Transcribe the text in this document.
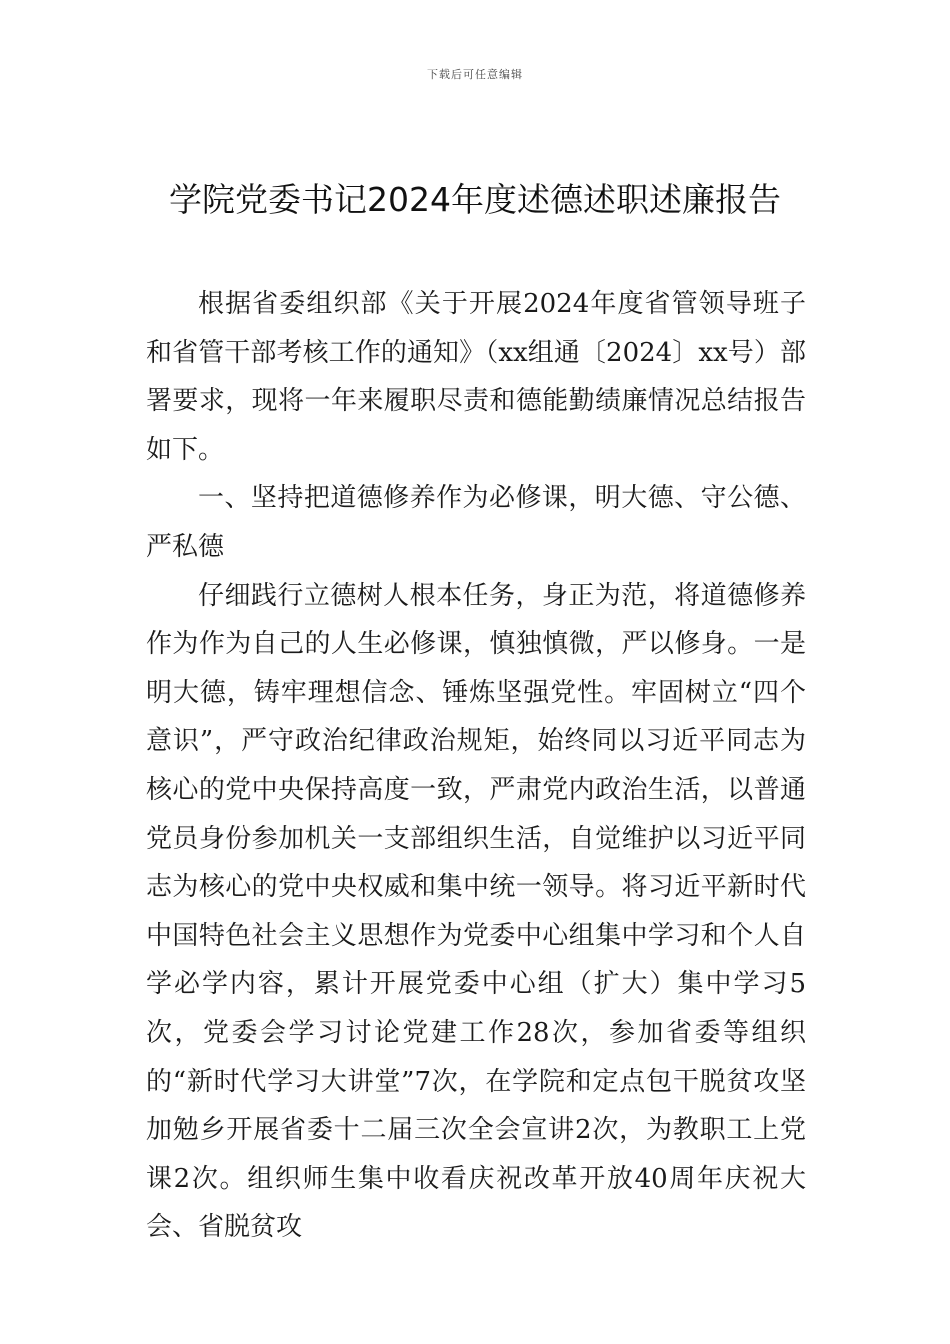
下载后可任意编辑
学院党委书记2024年度述德述职述廉报告

根据省委组织部《关于开展2024年度省管领导班子和省管干部考核工作的通知》（xx组通〔2024〕xx号）部署要求，现将一年来履职尽责和德能勤绩廉情况总结报告如下。

一、坚持把道德修养作为必修课，明大德、守公德、严私德

仔细践行立德树人根本任务，身正为范，将道德修养作为作为自己的人生必修课，慎独慎微，严以修身。一是明大德，铸牢理想信念、锤炼坚强党性。牢固树立“四个意识”，严守政治纪律政治规矩，始终同以习近平同志为核心的党中央保持高度一致，严肃党内政治生活，以普通党员身份参加机关一支部组织生活，自觉维护以习近平同志为核心的党中央权威和集中统一领导。将习近平新时代中国特色社会主义思想作为党委中心组集中学习和个人自学必学内容，累计开展党委中心组（扩大）集中学习5次，党委会学习讨论党建工作28次，参加省委等组织的“新时代学习大讲堂”7次，在学院和定点包干脱贫攻坚加勉乡开展省委十二届三次全会宣讲2次，为教职工上党课2次。组织师生集中收看庆祝改革开放40周年庆祝大会、省脱贫攻
